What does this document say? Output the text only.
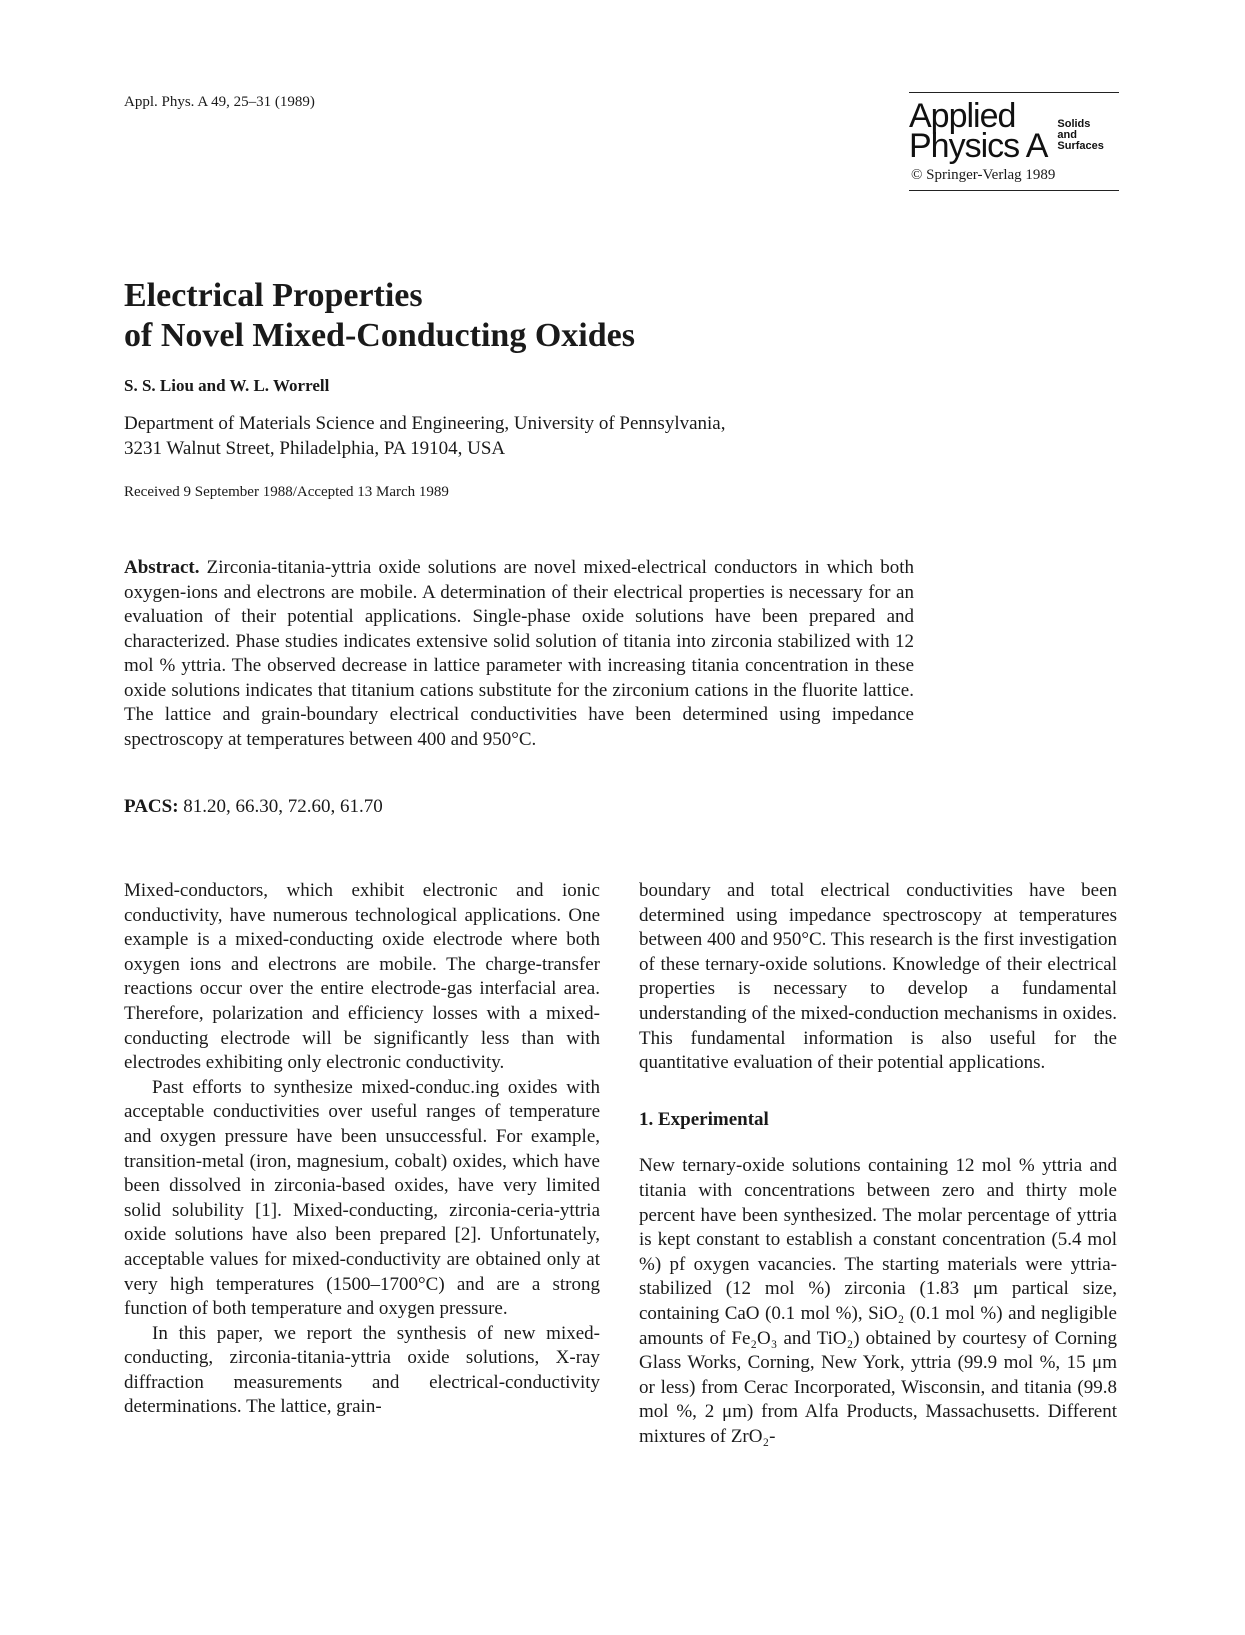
Appl. Phys. A 49, 25–31 (1989)	Applied
Physics A
Solids
and
Surfaces
© Springer-Verlag 1989
Electrical Properties
of Novel Mixed-Conducting Oxides
S. S. Liou and W. L. Worrell
Department of Materials Science and Engineering, University of Pennsylvania,
3231 Walnut Street, Philadelphia, PA 19104, USA
Received 9 September 1988/Accepted 13 March 1989
Abstract. Zirconia-titania-yttria oxide solutions are novel mixed-electrical conductors in which both oxygen-ions and electrons are mobile. A determination of their electrical properties is necessary for an evaluation of their potential applications. Single-phase oxide solutions have been prepared and characterized. Phase studies indicates extensive solid solution of titania into zirconia stabilized with 12 mol % yttria. The observed decrease in lattice parameter with increasing titania concentration in these oxide solutions indicates that titanium cations substitute for the zirconium cations in the fluorite lattice. The lattice and grain-boundary electrical conductivities have been determined using impedance spectroscopy at temperatures between 400 and 950°C.
PACS: 81.20, 66.30, 72.60, 61.70

Mixed-conductors, which exhibit electronic and ionic conductivity, have numerous technological applications. One example is a mixed-conducting oxide electrode where both oxygen ions and electrons are mobile. The charge-transfer reactions occur over the entire electrode-gas interfacial area. Therefore, polarization and efficiency losses with a mixed-conducting electrode will be significantly less than with electrodes exhibiting only electronic conductivity.

Past efforts to synthesize mixed-conduc.ing oxides with acceptable conductivities over useful ranges of temperature and oxygen pressure have been unsuccessful. For example, transition-metal (iron, magnesium, cobalt) oxides, which have been dissolved in zirconia-based oxides, have very limited solid solubility [1]. Mixed-conducting, zirconia-ceria-yttria oxide solutions have also been prepared [2]. Unfortunately, acceptable values for mixed-conductivity are obtained only at very high temperatures (1500–1700°C) and are a strong function of both temperature and oxygen pressure.

In this paper, we report the synthesis of new mixed-conducting, zirconia-titania-yttria oxide solutions, X-ray diffraction measurements and electrical-conductivity determinations. The lattice, grain-

boundary and total electrical conductivities have been determined using impedance spectroscopy at temperatures between 400 and 950°C. This research is the first investigation of these ternary-oxide solutions. Knowledge of their electrical properties is necessary to develop a fundamental understanding of the mixed-conduction mechanisms in oxides. This fundamental information is also useful for the quantitative evaluation of their potential applications.

1. Experimental

New ternary-oxide solutions containing 12 mol % yttria and titania with concentrations between zero and thirty mole percent have been synthesized. The molar percentage of yttria is kept constant to establish a constant concentration (5.4 mol %) pf oxygen vacancies. The starting materials were yttria-stabilized (12 mol %) zirconia (1.83 μm partical size, containing CaO (0.1 mol %), SiO₂ (0.1 mol %) and negligible amounts of Fe₂O₃ and TiO₂) obtained by courtesy of Corning Glass Works, Corning, New York, yttria (99.9 mol %, 15 μm or less) from Cerac Incorporated, Wisconsin, and titania (99.8 mol %, 2 μm) from Alfa Products, Massachusetts. Different mixtures of ZrO₂-
